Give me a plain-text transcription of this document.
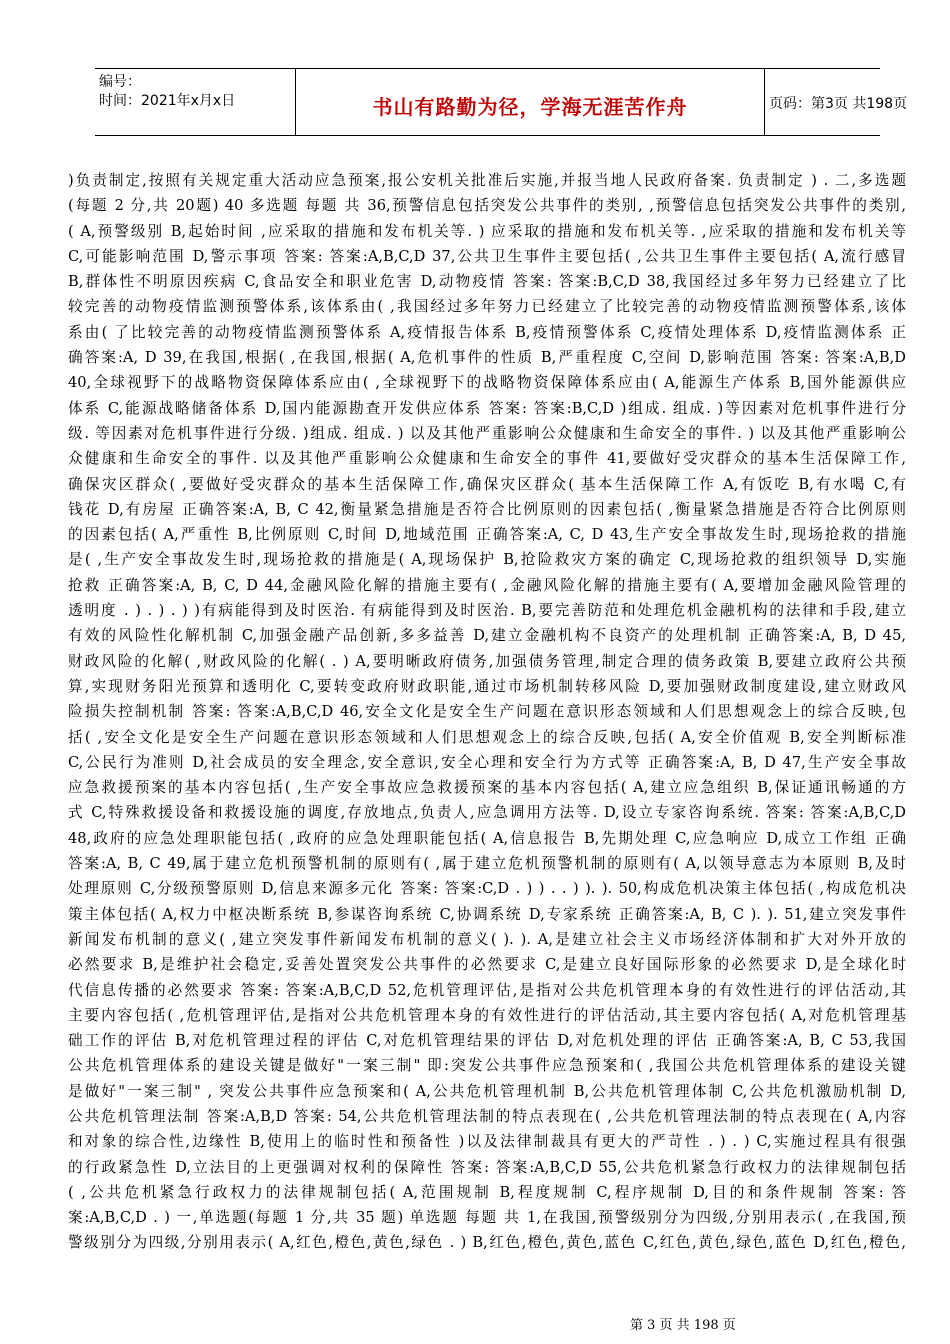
编号：
时间：2021年x月x日	书山有路勤为径，学海无涯苦作舟	页码：第3页 共198页
)负责制定,按照有关规定重大活动应急预案,报公安机关批准后实施,并报当地人民政府备案. 负责制定 ) . 二,多选题
(每题 2 分,共 20题) 40 多选题 每题 共 36,预警信息包括突发公共事件的类别, ,预警信息包括突发公共事件的类别,
( A,预警级别 B,起始时间 ,应采取的措施和发布机关等. ) 应采取的措施和发布机关等. ,应采取的措施和发布机关等
C,可能影响范围 D,警示事项 答案: 答案:A,B,C,D 37,公共卫生事件主要包括( ,公共卫生事件主要包括( A,流行感冒
B,群体性不明原因疾病 C,食品安全和职业危害 D,动物疫情 答案: 答案:B,C,D 38,我国经过多年努力已经建立了比
较完善的动物疫情监测预警体系,该体系由( ,我国经过多年努力已经建立了比较完善的动物疫情监测预警体系,该体
系由( 了比较完善的动物疫情监测预警体系 A,疫情报告体系 B,疫情预警体系 C,疫情处理体系 D,疫情监测体系 正
确答案:A, D 39,在我国,根据( ,在我国,根据( A,危机事件的性质 B,严重程度 C,空间 D,影响范围 答案: 答案:A,B,D
40,全球视野下的战略物资保障体系应由( ,全球视野下的战略物资保障体系应由( A,能源生产体系 B,国外能源供应
体系 C,能源战略储备体系 D,国内能源勘查开发供应体系 答案: 答案:B,C,D )组成. 组成. )等因素对危机事件进行分
级. 等因素对危机事件进行分级. )组成. 组成. ) 以及其他严重影响公众健康和生命安全的事件. ) 以及其他严重影响公
众健康和生命安全的事件. 以及其他严重影响公众健康和生命安全的事件 41,要做好受灾群众的基本生活保障工作,
确保灾区群众( ,要做好受灾群众的基本生活保障工作,确保灾区群众( 基本生活保障工作 A,有饭吃 B,有水喝 C,有
钱花 D,有房屋 正确答案:A, B, C 42,衡量紧急措施是否符合比例原则的因素包括( ,衡量紧急措施是否符合比例原则
的因素包括( A,严重性 B,比例原则 C,时间 D,地域范围 正确答案:A, C, D 43,生产安全事故发生时,现场抢救的措施
是( ,生产安全事故发生时,现场抢救的措施是( A,现场保护 B,抢险救灾方案的确定 C,现场抢救的组织领导 D,实施
抢救 正确答案:A, B, C, D 44,金融风险化解的措施主要有( ,金融风险化解的措施主要有( A,要增加金融风险管理的
透明度 . ) . ) . ) )有病能得到及时医治. 有病能得到及时医治. B,要完善防范和处理危机金融机构的法律和手段,建立
有效的风险性化解机制 C,加强金融产品创新,多多益善 D,建立金融机构不良资产的处理机制 正确答案:A, B, D 45,
财政风险的化解( ,财政风险的化解( . ) A,要明晰政府债务,加强债务管理,制定合理的债务政策 B,要建立政府公共预
算,实现财务阳光预算和透明化 C,要转变政府财政职能,通过市场机制转移风险 D,要加强财政制度建设,建立财政风
险损失控制机制 答案: 答案:A,B,C,D 46,安全文化是安全生产问题在意识形态领域和人们思想观念上的综合反映,包
括( ,安全文化是安全生产问题在意识形态领域和人们思想观念上的综合反映,包括( A,安全价值观 B,安全判断标准
C,公民行为准则 D,社会成员的安全理念,安全意识,安全心理和安全行为方式等 正确答案:A, B, D 47,生产安全事故
应急救援预案的基本内容包括( ,生产安全事故应急救援预案的基本内容包括( A,建立应急组织 B,保证通讯畅通的方
式 C,特殊救援设备和救援设施的调度,存放地点,负责人,应急调用方法等. D,设立专家咨询系统. 答案: 答案:A,B,C,D
48,政府的应急处理职能包括( ,政府的应急处理职能包括( A,信息报告 B,先期处理 C,应急响应 D,成立工作组 正确
答案:A, B, C 49,属于建立危机预警机制的原则有( ,属于建立危机预警机制的原则有( A,以领导意志为本原则 B,及时
处理原则 C,分级预警原则 D,信息来源多元化 答案: 答案:C,D . ) ) . . ) ). ). 50,构成危机决策主体包括( ,构成危机决
策主体包括( A,权力中枢决断系统 B,参谋咨询系统 C,协调系统 D,专家系统 正确答案:A, B, C ). ). 51,建立突发事件
新闻发布机制的意义( ,建立突发事件新闻发布机制的意义( ). ). A,是建立社会主义市场经济体制和扩大对外开放的
必然要求 B,是维护社会稳定,妥善处置突发公共事件的必然要求 C,是建立良好国际形象的必然要求 D,是全球化时
代信息传播的必然要求 答案: 答案:A,B,C,D 52,危机管理评估,是指对公共危机管理本身的有效性进行的评估活动,其
主要内容包括( ,危机管理评估,是指对公共危机管理本身的有效性进行的评估活动,其主要内容包括( A,对危机管理基
础工作的评估 B,对危机管理过程的评估 C,对危机管理结果的评估 D,对危机处理的评估 正确答案:A, B, C 53,我国
公共危机管理体系的建设关键是做好"一案三制" 即:突发公共事件应急预案和( ,我国公共危机管理体系的建设关键
是做好"一案三制" , 突发公共事件应急预案和( A,公共危机管理机制 B,公共危机管理体制 C,公共危机激励机制 D,
公共危机管理法制 答案:A,B,D 答案: 54,公共危机管理法制的特点表现在( ,公共危机管理法制的特点表现在( A,内容
和对象的综合性,边缘性 B,使用上的临时性和预备性 )以及法律制裁具有更大的严苛性 . ) . ) C,实施过程具有很强
的行政紧急性 D,立法目的上更强调对权利的保障性 答案: 答案:A,B,C,D 55,公共危机紧急行政权力的法律规制包括
( ,公共危机紧急行政权力的法律规制包括( A,范围规制 B,程度规制 C,程序规制 D,目的和条件规制 答案: 答
案:A,B,C,D . ) 一,单选题(每题 1 分,共 35 题) 单选题 每题 共 1,在我国,预警级别分为四级,分别用表示( ,在我国,预
警级别分为四级,分别用表示( A,红色,橙色,黄色,绿色 . ) B,红色,橙色,黄色,蓝色 C,红色,黄色,绿色,蓝色 D,红色,橙色,
第 3 页 共 198 页
